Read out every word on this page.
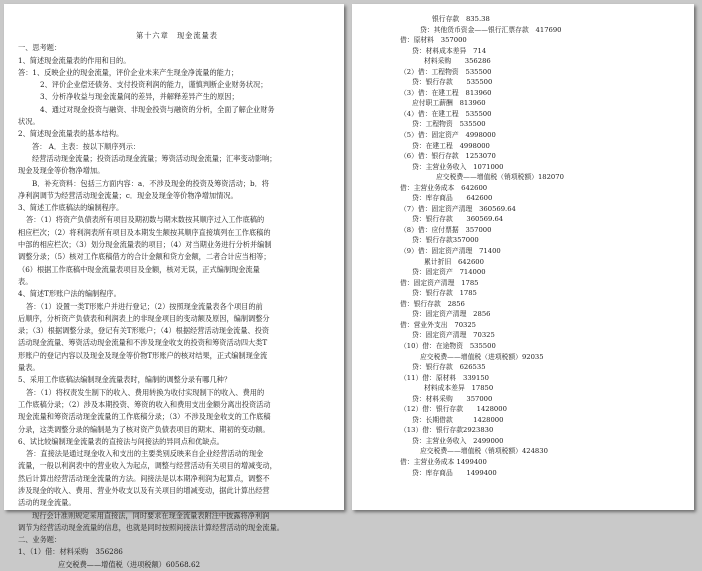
第十六章　现金流量表
一、思考题：
1、简述现金流量表的作用和目的。
答：1、反映企业的现金流量，评价企业未来产生现金净流量的能力；
2、评价企业偿还债务、支付投资利润的能力，谨慎判断企业财务状况；
3、分析净收益与现金流量间的差异，并解释差异产生的原因；
4、通过对现金投资与融资、非现金投资与融资的分析，全面了解企业财务
状况。
2、简述现金流量表的基本结构。
答： A．主表：按以下顺序列示：
经营活动现金流量；投资活动现金流量；筹资活动现金流量；汇率变动影响；
现金及现金等价物净增加。
B．补充资料：包括三方面内容：a．不涉及现金的投资及筹资活动；b．将
净利润调节为经营活动现金流量；c．现金及现金等价物净增加情况。
3、简述工作底稿法的编制程序。
答：（1）将资产负债表所有项目及期初数与期末数按其顺序过入工作底稿的
相应栏次；（2）将利润表所有项目及本期发生额按其顺序直接填列在工作底稿的
中部的相应栏次；（3）划分现金流量表的项目；（4）对当期业务进行分析并编制
调整分录；（5）核对工作底稿借方的合计金额和贷方金额，二者合计应当相等；
（6）根据工作底稿中现金流量表项目及金额，核对无误，正式编制现金流量
表。
4、简述T形账户法的编制程序。
答：（1）设置一类T形账户并进行登记；（2）按照现金流量表各个项目的前
后顺序，分析资产负债表和利润表上的非现金项目的变动额及原因，编制调整分
录；（3）根据调整分录，登记有关T形账户；（4）根据经营活动现金流量、投资
活动现金流量、筹资活动现金流量和不涉及现金收支的投资和筹资活动四大类T
形账户的登记内容以及现金及现金等价物T形账户的核对结果，正式编制现金流
量表。
5、采用工作底稿法编制现金流量表时，编制的调整分录有哪几种？
答：（1）将权责发生制下的收入、费用转换为收付实现制下的收入、费用的
工作底稿分录；（2）涉及本期投资、筹资的收入和费用支出金额分离出投资活动
现金流量和筹资活动现金流量的工作底稿分录；（3）不涉及现金收支的工作底稿
分录，这类调整分录的编制是为了核对资产负债表项目的期末、期初的变动额。
6、试比较编制现金流量表的直接法与间接法的异同点和优缺点。
答：直接法是通过现金收入和支出的主要类别反映来自企业经营活动的现金
流量，一般以利润表中的营业收入为起点，调整与经营活动有关项目的增减变动，
然后计算出经营活动现金流量的方法。间接法是以本期净利润为起算点，调整不
涉及现金的收入、费用、营业外收支以及有关项目的增减变动，据此计算出经营
活动的现金流量。
现行会计准则规定采用直接法，同时要求在现金流量表附注中披露将净利润
调节为经营活动现金流量的信息，也就是同时按照间接法计算经营活动的现金流量。
二、业务题：
1、（1）借：材料采购　356286
应交税费——增值税（进项税额）60568.62
银行存款　835.38
贷：其他货币资金——银行汇票存款　417690
借：原材料　357000
贷：材料成本差异　714
材料采购　　356286
（2）借：工程物资　535500
贷：银行存款　　535500
（3）借：在建工程　813960
应付职工薪酬　813960
（4）借：在建工程　535500
贷：工程物资　535500
（5）借：固定资产　4998000
贷：在建工程　4998000
（6）借：银行存款　1253070
贷：主营业务收入　1071000
应交税费——增值税（销项税额）182070
借：主营业务成本　642600
贷：库存商品　　642600
（7）借：固定资产清理　360569.64
贷：银行存款　　360569.64
（8）借：应付票据　357000
贷：银行存款357000
（9）借：固定资产清理　71400
累计折旧　642600
贷：固定资产　714000
借：固定资产清理　1785
贷：银行存款　1785
借：银行存款　2856
贷：固定资产清理　2856
借：营业外支出　70325
贷：固定资产清理　70325
（10）借：在途物资　535500
应交税费——增值税（进项税额）92035
贷：银行存款　626535
（11）借：原材料　339150
材料成本差异　17850
贷：材料采购　　357000
（12）借：银行存款　　1428000
贷：长期借款　　　1428000
（13）借：银行存款2923830
贷：主营业务收入　2499000
应交税费——增值税（销项税额）424830
借：主营业务成本 1499400
贷：库存商品　　1499400
